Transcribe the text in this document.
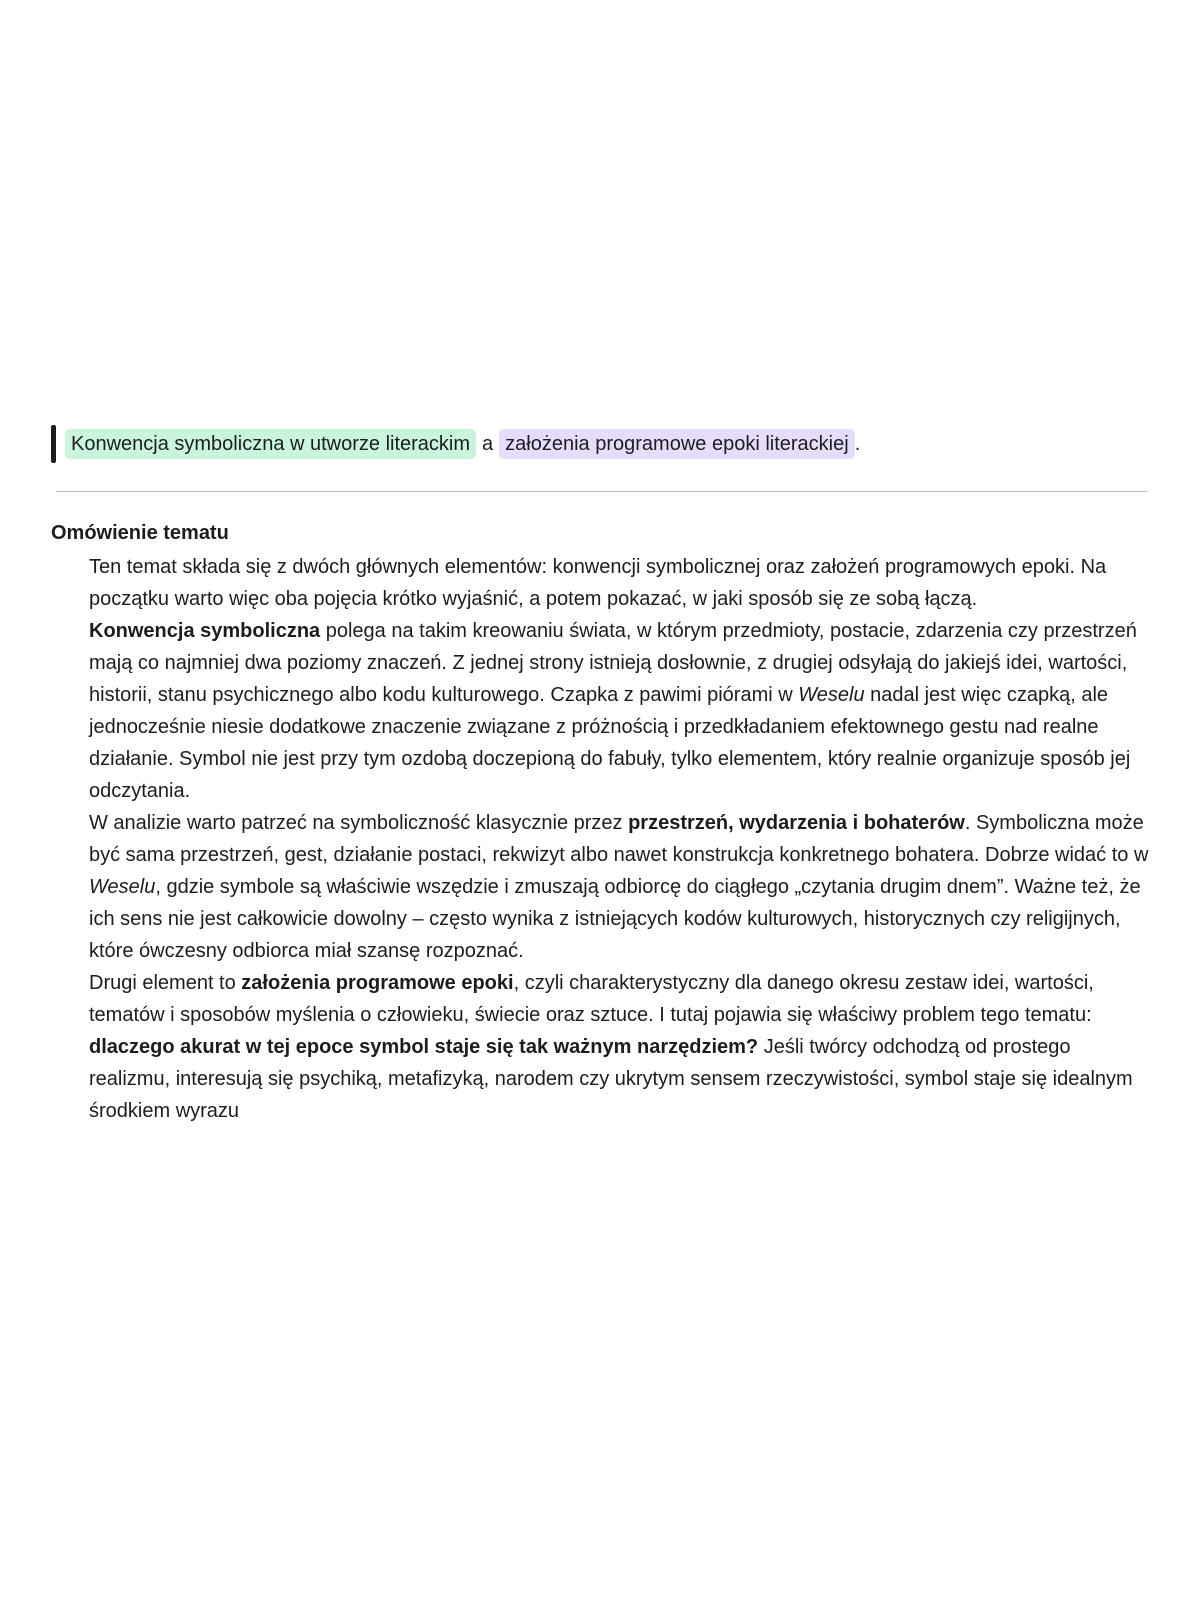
Konwencja symboliczna w utworze literackim a założenia programowe epoki literackiej .
Omówienie tematu

Ten temat składa się z dwóch głównych elementów: konwencji symbolicznej oraz założeń programowych epoki. Na początku warto więc oba pojęcia krótko wyjaśnić, a potem pokazać, w jaki sposób się ze sobą łączą.

Konwencja symboliczna polega na takim kreowaniu świata, w którym przedmioty, postacie, zdarzenia czy przestrzeń mają co najmniej dwa poziomy znaczeń. Z jednej strony istnieją dosłownie, z drugiej odsyłają do jakiejś idei, wartości, historii, stanu psychicznego albo kodu kulturowego. Czapka z pawimi piórami w Weselu nadal jest więc czapką, ale jednocześnie niesie dodatkowe znaczenie związane z próżnością i przedkładaniem efektownego gestu nad realne działanie. Symbol nie jest przy tym ozdobą doczepioną do fabuły, tylko elementem, który realnie organizuje sposób jej odczytania.

W analizie warto patrzeć na symboliczność klasycznie przez przestrzeń, wydarzenia i bohaterów. Symboliczna może być sama przestrzeń, gest, działanie postaci, rekwizyt albo nawet konstrukcja konkretnego bohatera. Dobrze widać to w Weselu, gdzie symbole są właściwie wszędzie i zmuszają odbiorcę do ciągłego „czytania drugim dnem”. Ważne też, że ich sens nie jest całkowicie dowolny – często wynika z istniejących kodów kulturowych, historycznych czy religijnych, które ówczesny odbiorca miał szansę rozpoznać.

Drugi element to założenia programowe epoki, czyli charakterystyczny dla danego okresu zestaw idei, wartości, tematów i sposobów myślenia o człowieku, świecie oraz sztuce. I tutaj pojawia się właściwy problem tego tematu: dlaczego akurat w tej epoce symbol staje się tak ważnym narzędziem? Jeśli twórcy odchodzą od prostego realizmu, interesują się psychiką, metafizyką, narodem czy ukrytym sensem rzeczywistości, symbol staje się idealnym środkiem wyrazu
